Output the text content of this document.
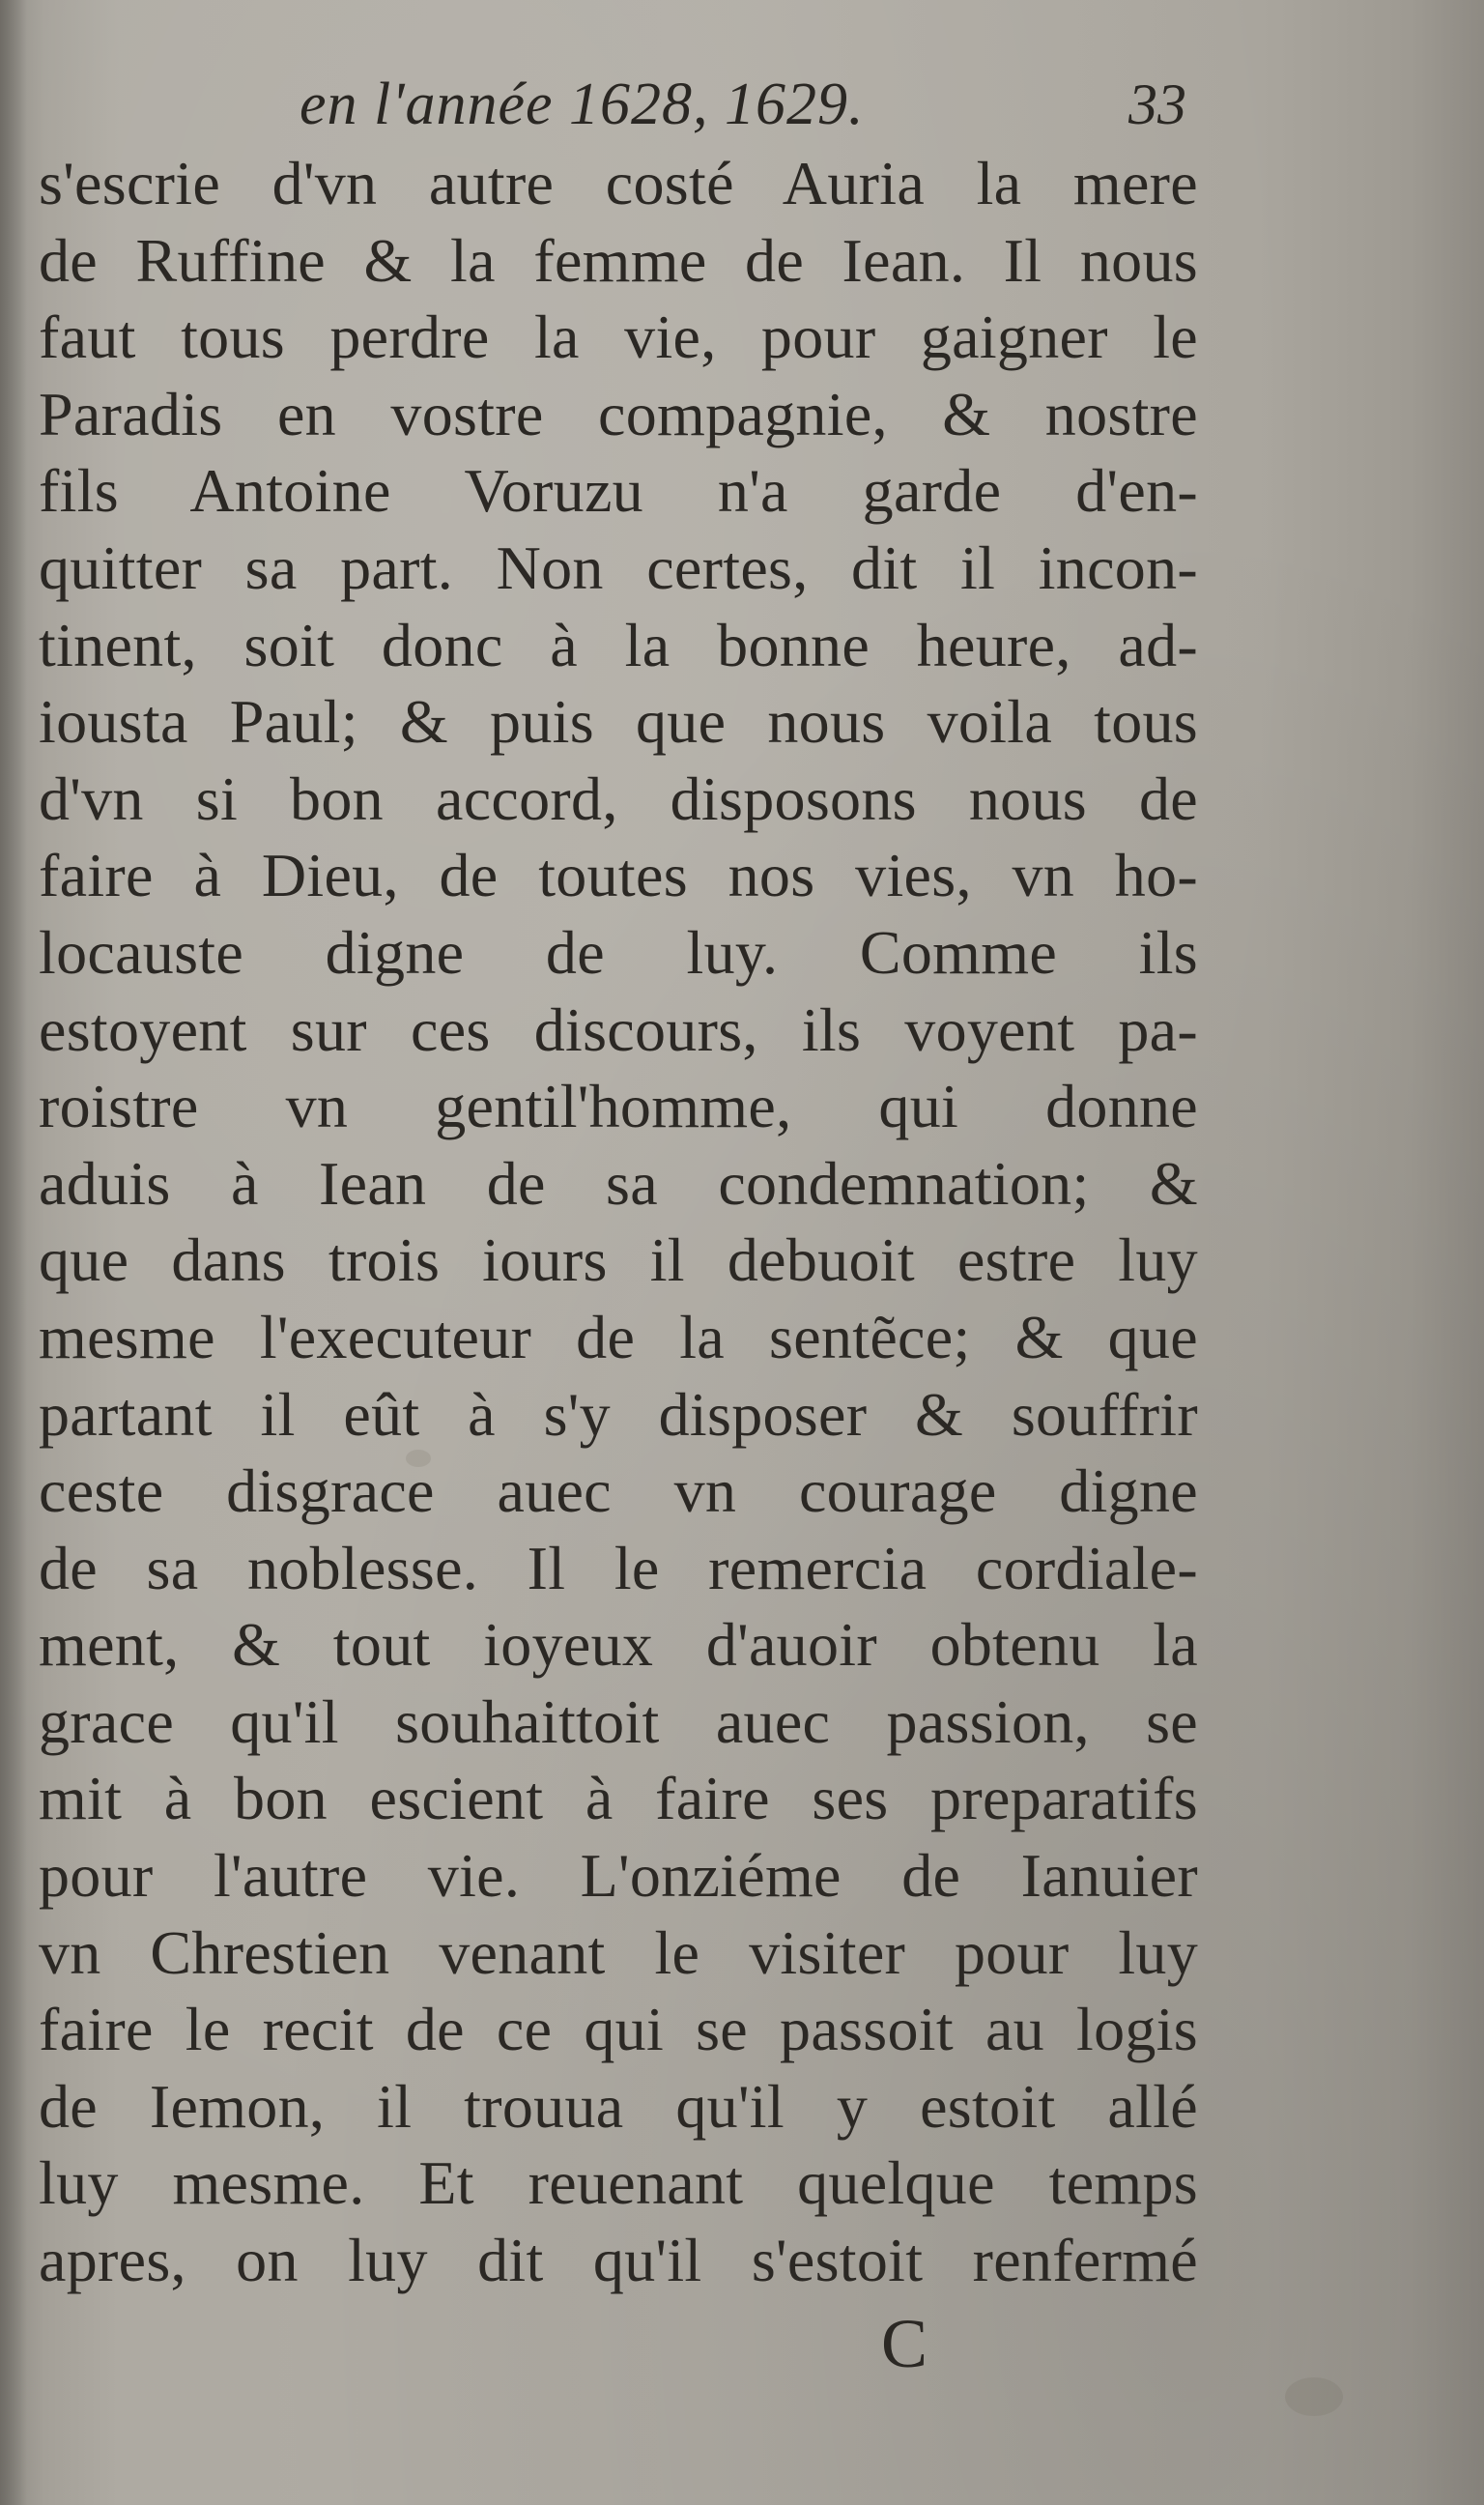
en l'année 1628, 1629.	33
s'escrie d'vn autre costé Auria la mere
de Ruffine & la femme de Iean. Il nous
faut tous perdre la vie, pour gaigner le
Paradis en vostre compagnie, & nostre
fils Antoine Voruzu n'a garde d'en-
quitter sa part. Non certes, dit il incon-
tinent, soit donc à la bonne heure, ad-
iousta Paul; & puis que nous voila tous
d'vn si bon accord, disposons nous de
faire à Dieu, de toutes nos vies, vn ho-
locauste digne de luy. Comme ils
estoyent sur ces discours, ils voyent pa-
roistre vn gentil'homme, qui donne
aduis à Iean de sa condemnation; &
que dans trois iours il debuoit estre luy
mesme l'executeur de la sentẽce; & que
partant il eût à s'y disposer & souffrir
ceste disgrace auec vn courage digne
de sa noblesse. Il le remercia cordiale-
ment, & tout ioyeux d'auoir obtenu la
grace qu'il souhaittoit auec passion, se
mit à bon escient à faire ses preparatifs
pour l'autre vie. L'onziéme de Ianuier
vn Chrestien venant le visiter pour luy
faire le recit de ce qui se passoit au logis
de Iemon, il trouua qu'il y estoit allé
luy mesme. Et reuenant quelque temps
apres, on luy dit qu'il s'estoit renfermé
C
